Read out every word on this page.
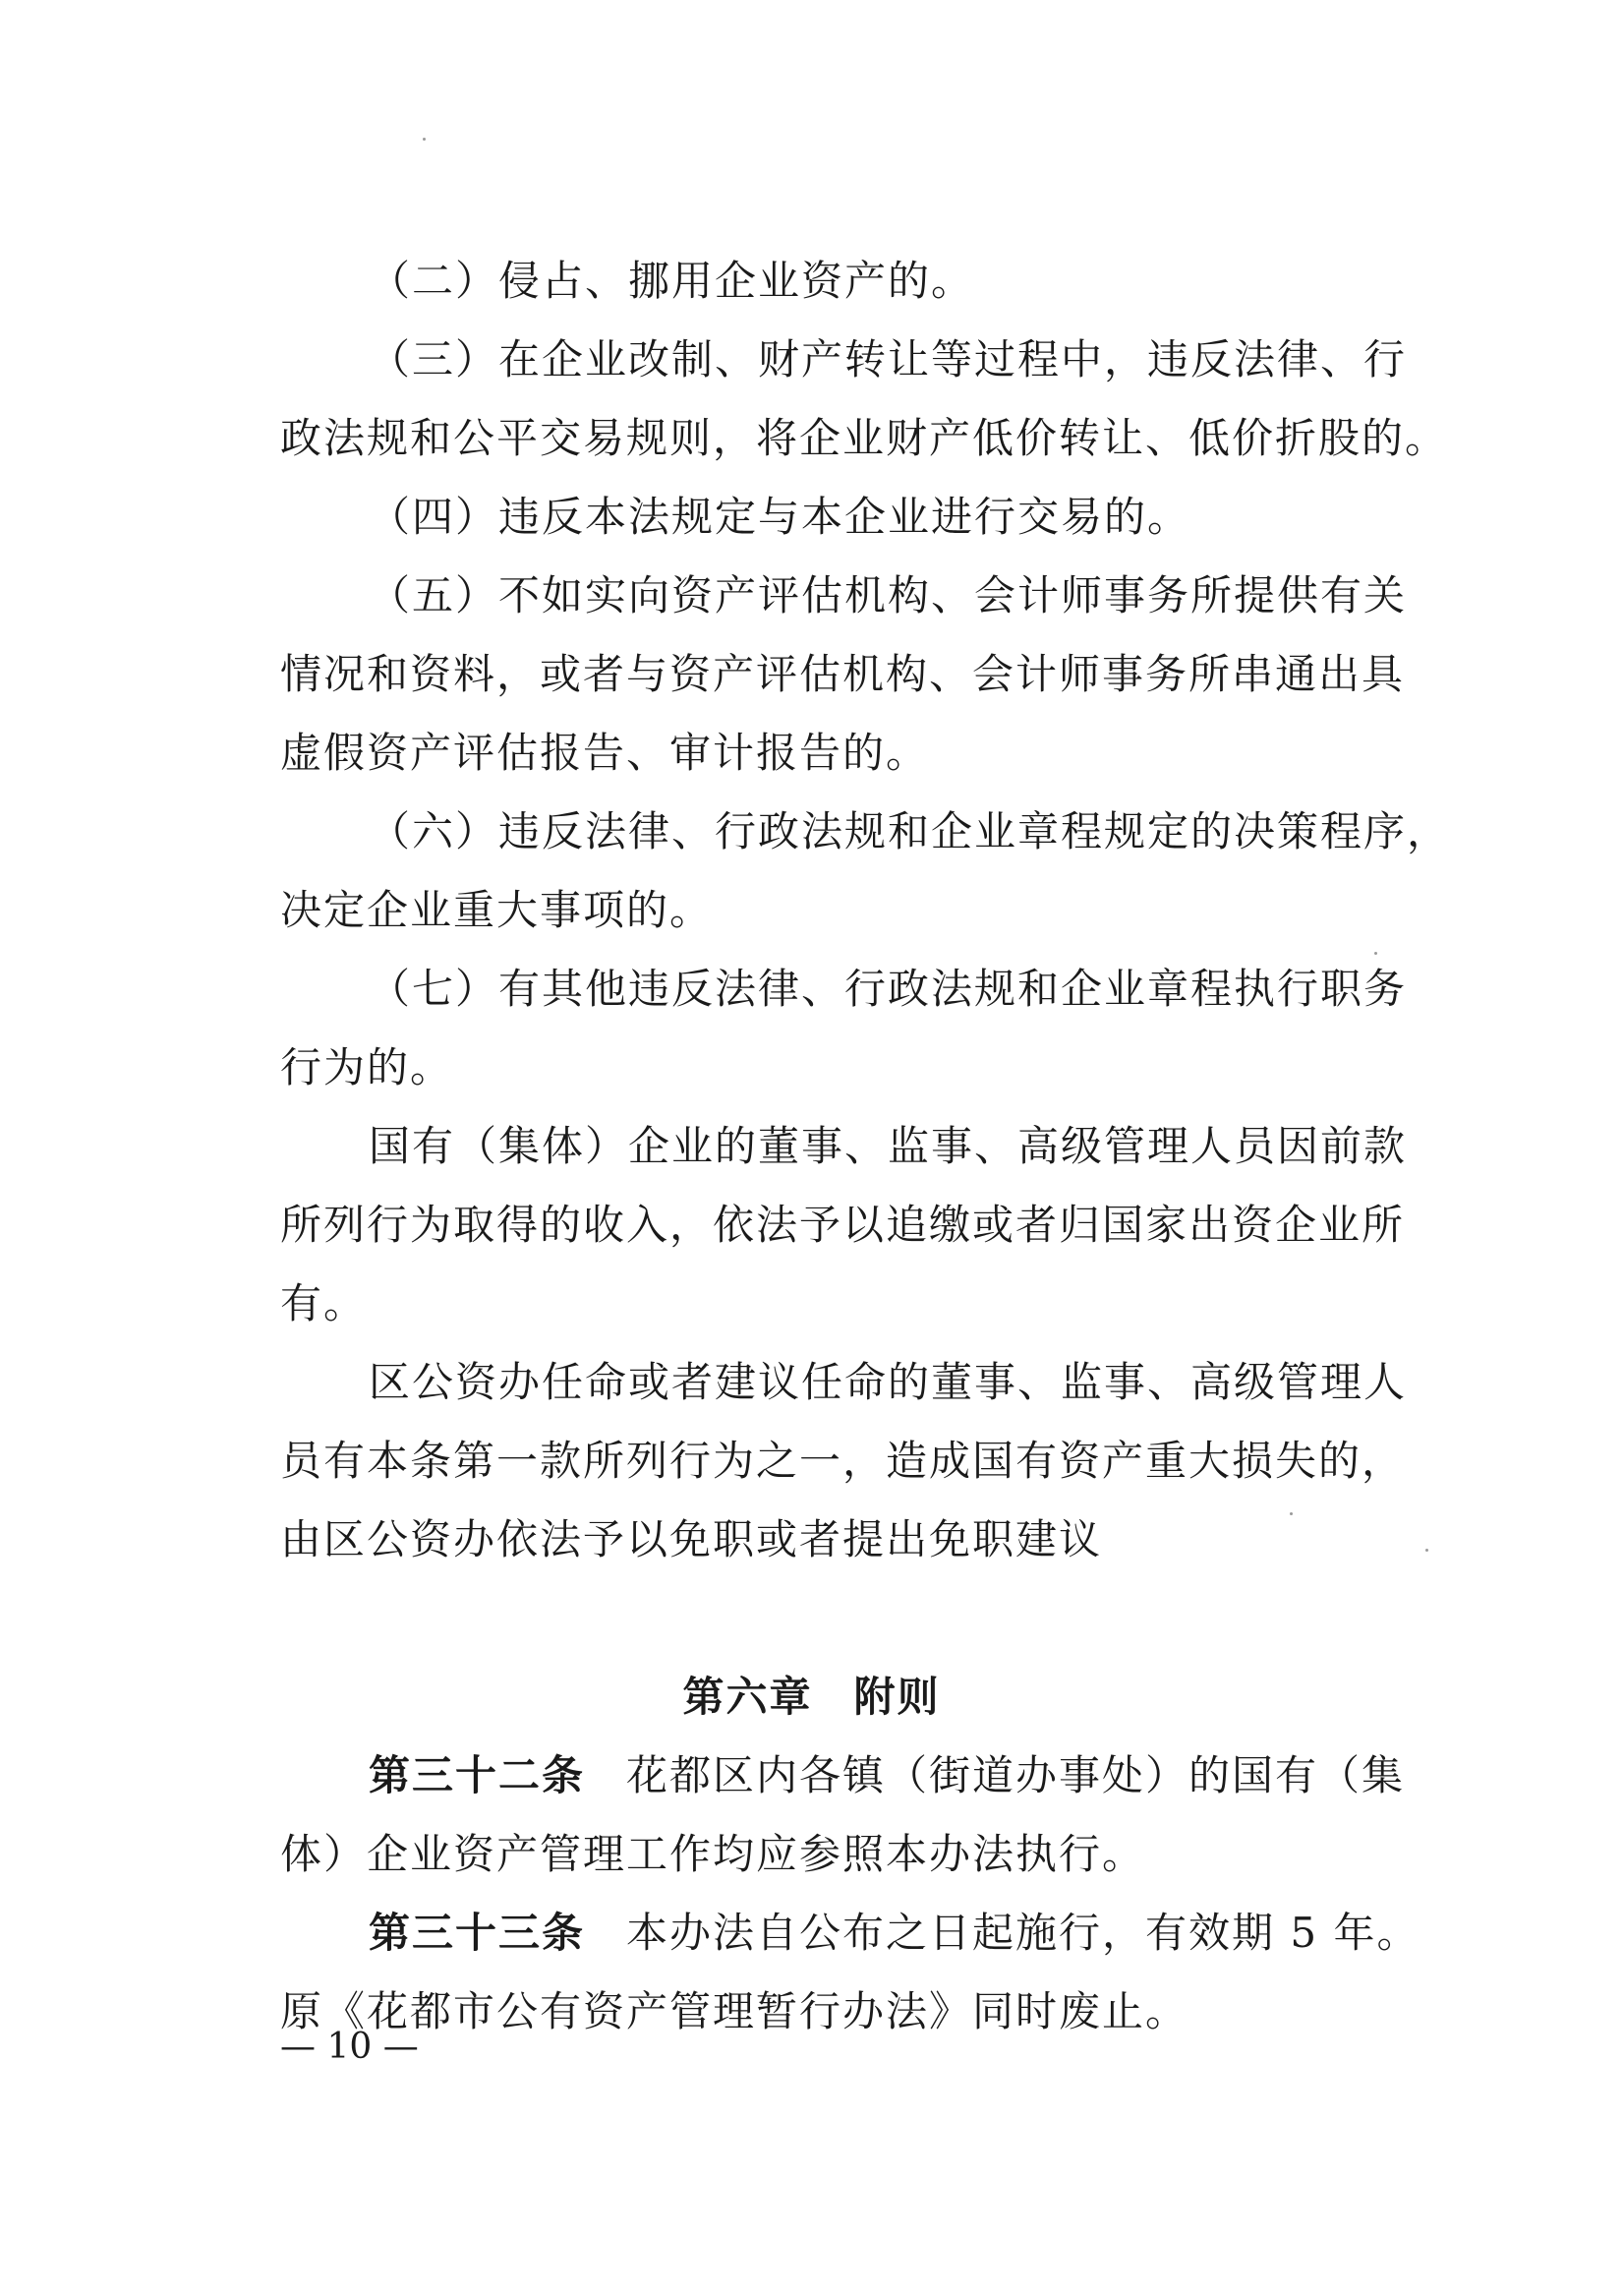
（二）侵占、挪用企业资产的。
（三）在企业改制、财产转让等过程中，违反法律、行
政法规和公平交易规则，将企业财产低价转让、低价折股的。
（四）违反本法规定与本企业进行交易的。
（五）不如实向资产评估机构、会计师事务所提供有关
情况和资料，或者与资产评估机构、会计师事务所串通出具
虚假资产评估报告、审计报告的。
（六）违反法律、行政法规和企业章程规定的决策程序，
决定企业重大事项的。
（七）有其他违反法律、行政法规和企业章程执行职务
行为的。
国有（集体）企业的董事、监事、高级管理人员因前款
所列行为取得的收入，依法予以追缴或者归国家出资企业所
有。
区公资办任命或者建议任命的董事、监事、高级管理人
员有本条第一款所列行为之一，造成国有资产重大损失的，
由区公资办依法予以免职或者提出免职建议
第六章 附则
第三十二条 花都区内各镇（街道办事处）的国有（集
体）企业资产管理工作均应参照本办法执行。
第三十三条 本办法自公布之日起施行，有效期 5 年。
原《花都市公有资产管理暂行办法》同时废止。
— 10 —
